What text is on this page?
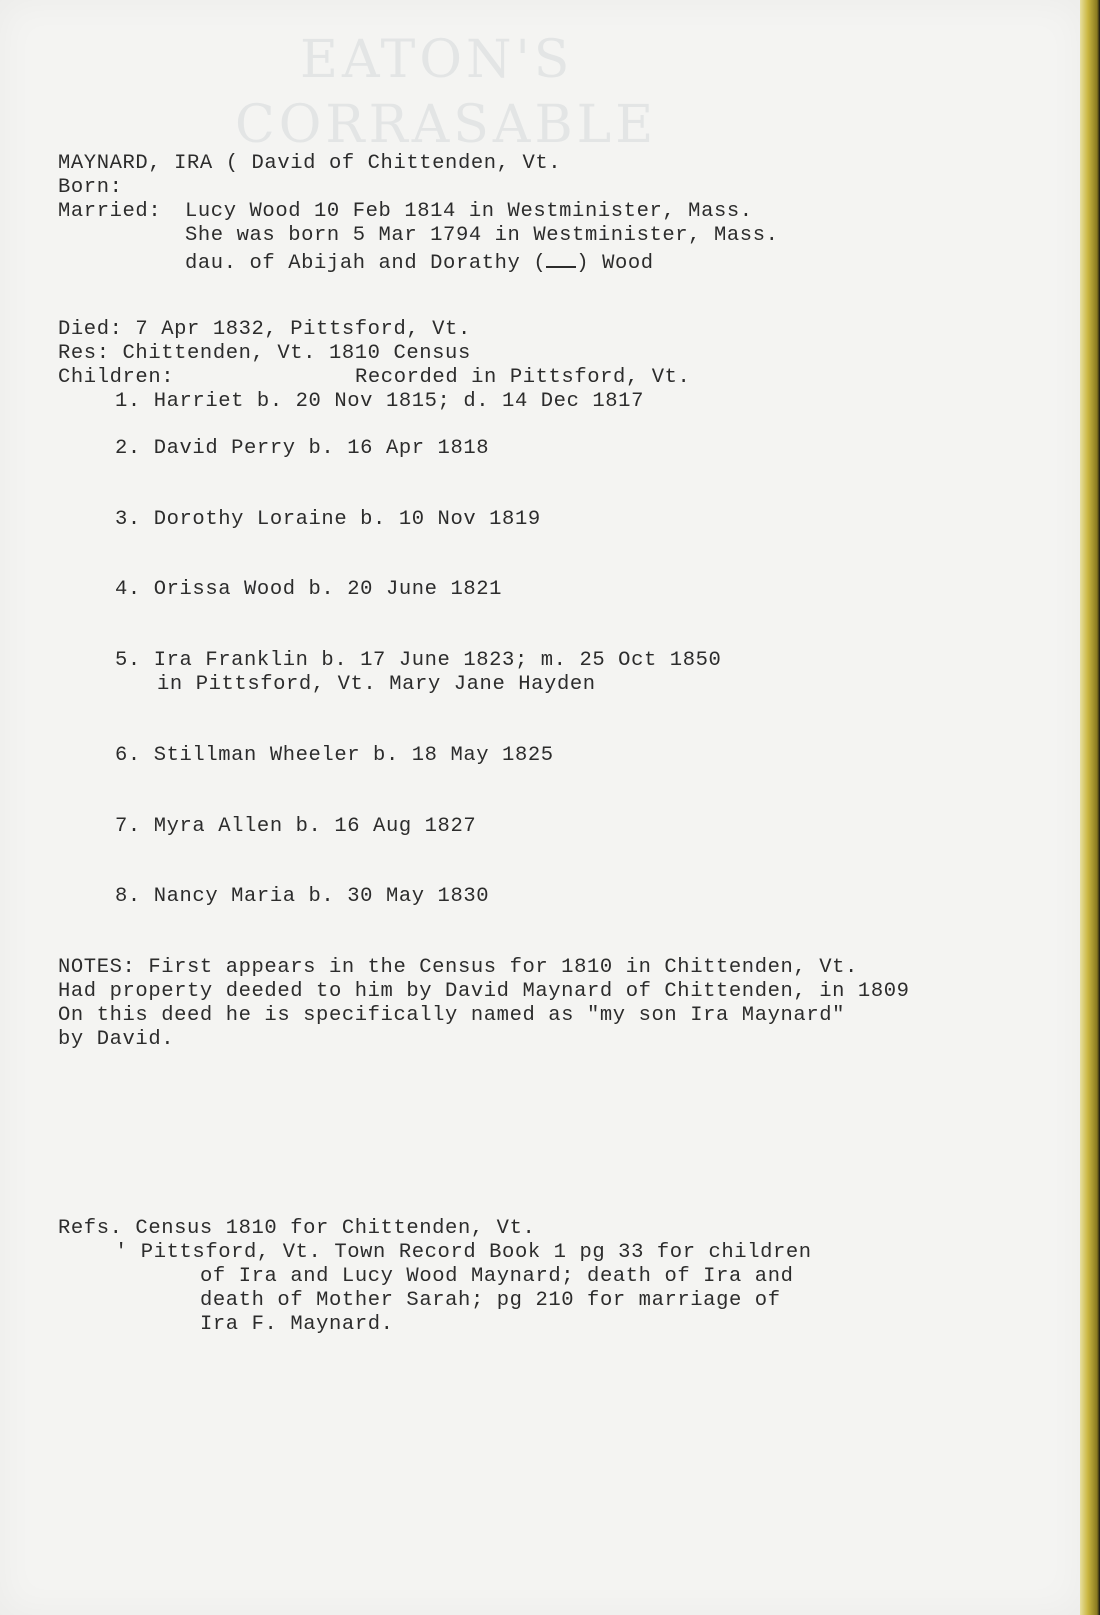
EATON'S
CORRASABLE

MAYNARD, IRA ( David of Chittenden, Vt.

Born:

Married: Lucy Wood 10 Feb 1814 in Westminister, Mass.

She was born 5 Mar 1794 in Westminister, Mass.

dau. of Abijah and Dorathy ( ) Wood

Died: 7 Apr 1832, Pittsford, Vt.

Res: Chittenden, Vt. 1810 Census

Children:	Recorded in Pittsford, Vt.

1. Harriet b. 20 Nov 1815; d. 14 Dec 1817

2. David Perry b. 16 Apr 1818

3. Dorothy Loraine b. 10 Nov 1819

4. Orissa Wood b. 20 June 1821

5. Ira Franklin b. 17 June 1823; m. 25 Oct 1850

in Pittsford, Vt. Mary Jane Hayden

6. Stillman Wheeler b. 18 May 1825

7. Myra Allen b. 16 Aug 1827

8. Nancy Maria b. 30 May 1830

NOTES: First appears in the Census for 1810 in Chittenden, Vt.

Had property deeded to him by David Maynard of Chittenden, in 1809

On this deed he is specifically named as "my son Ira Maynard"

by David.

Refs. Census 1810 for Chittenden, Vt.

' Pittsford, Vt. Town Record Book 1 pg 33 for children

of Ira and Lucy Wood Maynard; death of Ira and

death of Mother Sarah; pg 210 for marriage of

Ira F. Maynard.
